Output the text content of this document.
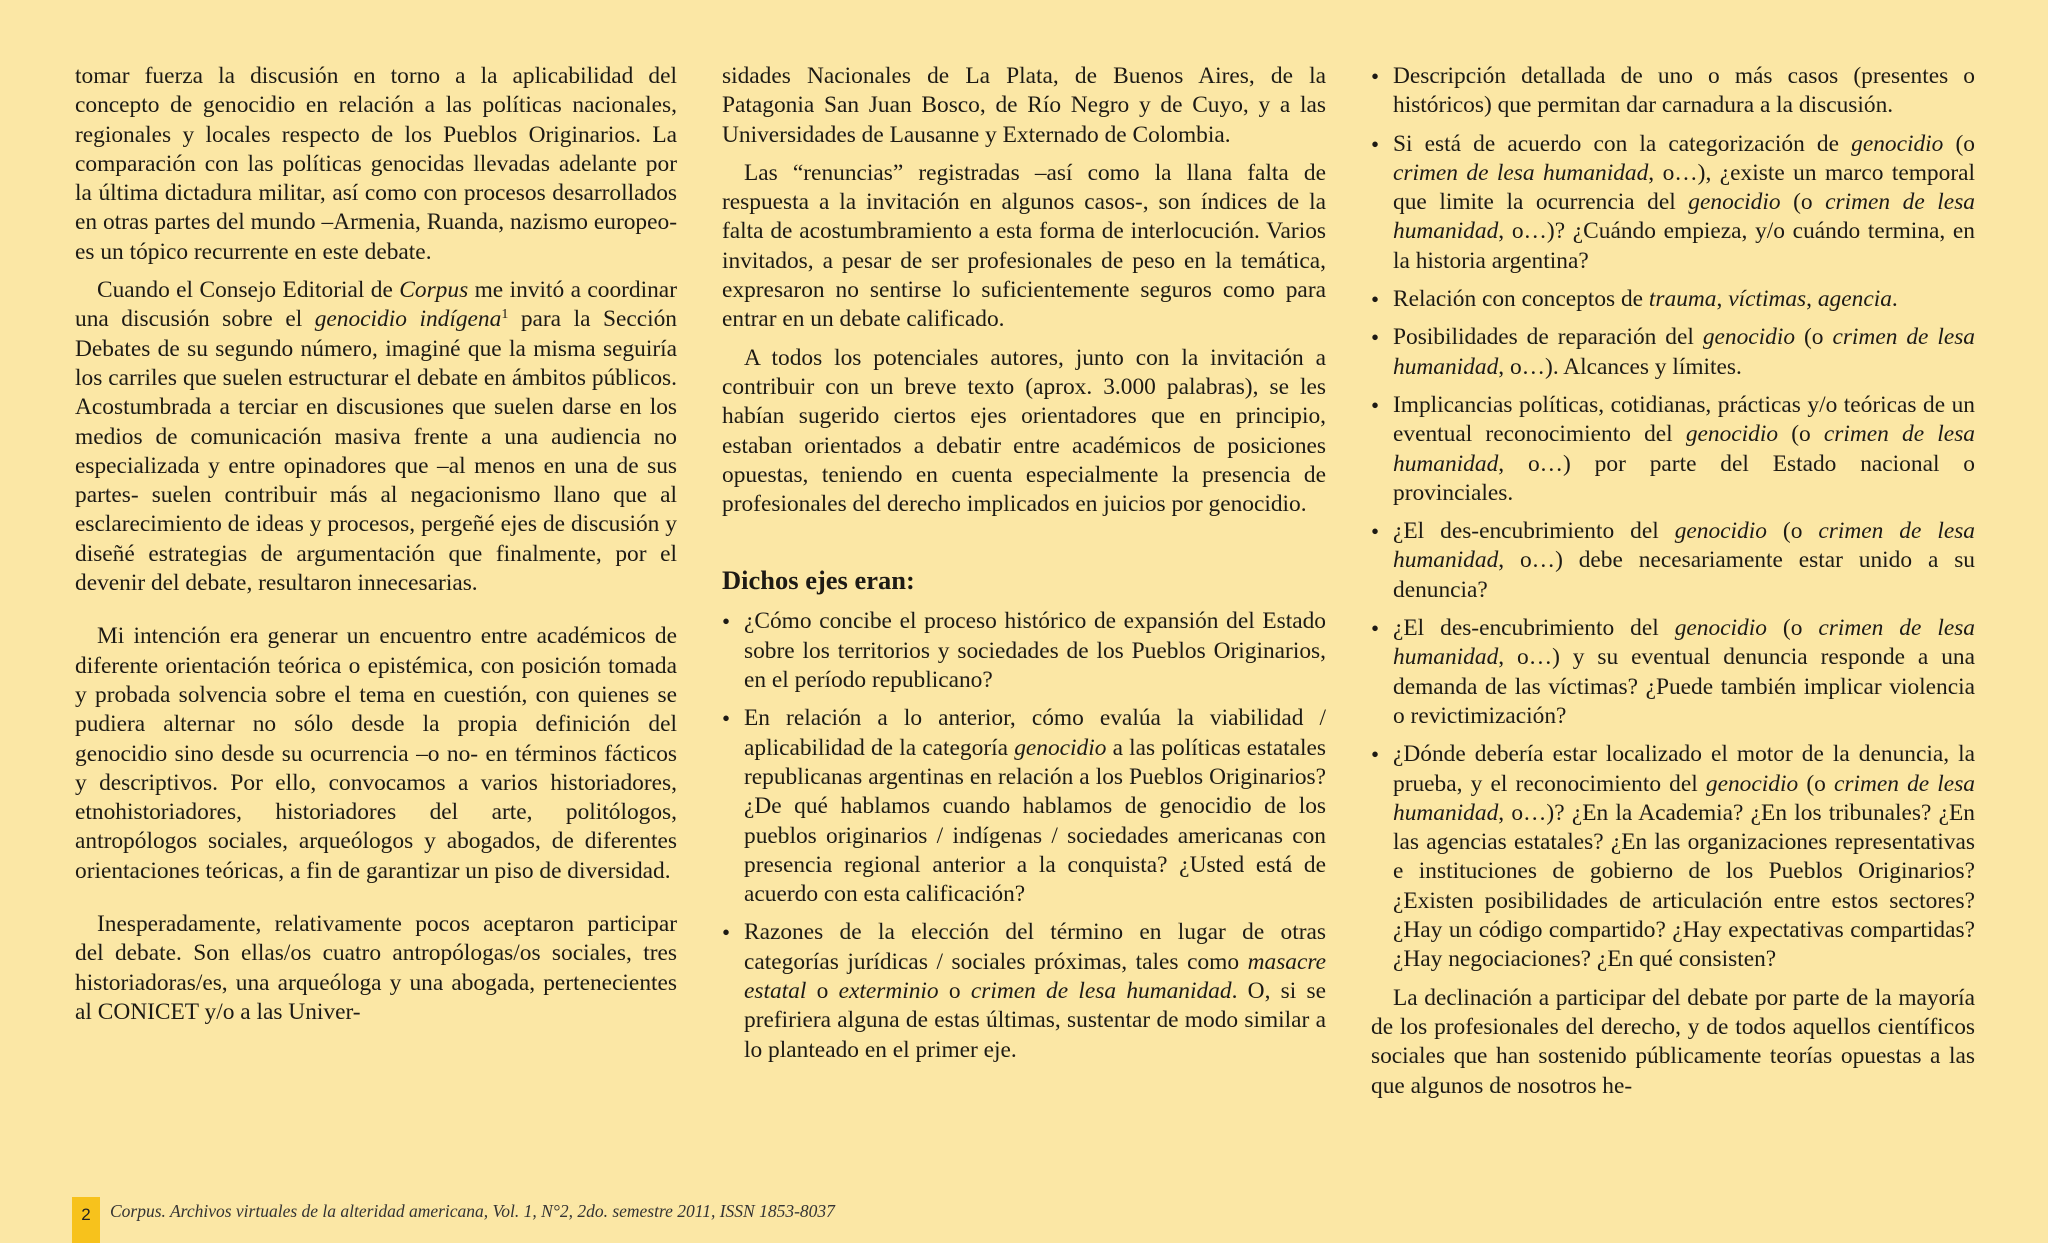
tomar fuerza la discusión en torno a la aplicabilidad del concepto de genocidio en relación a las políticas nacionales, regionales y locales respecto de los Pueblos Originarios. La comparación con las políticas genocidas llevadas adelante por la última dictadura militar, así como con procesos desarrollados en otras partes del mundo –Armenia, Ruanda, nazismo europeo- es un tópico recurrente en este debate.

Cuando el Consejo Editorial de Corpus me invitó a coordinar una discusión sobre el genocidio indígena$^1$ para la Sección Debates de su segundo número, imaginé que la misma seguiría los carriles que suelen estructurar el debate en ámbitos públicos. Acostumbrada a terciar en discusiones que suelen darse en los medios de comunicación masiva frente a una audiencia no especializada y entre opinadores que –al menos en una de sus partes- suelen contribuir más al negacionismo llano que al esclarecimiento de ideas y procesos, pergeñé ejes de discusión y diseñé estrategias de argumentación que finalmente, por el devenir del debate, resultaron innecesarias.

Mi intención era generar un encuentro entre académicos de diferente orientación teórica o epistémica, con posición tomada y probada solvencia sobre el tema en cuestión, con quienes se pudiera alternar no sólo desde la propia definición del genocidio sino desde su ocurrencia –o no- en términos fácticos y descriptivos. Por ello, convocamos a varios historiadores, etnohistoriadores, historiadores del arte, politólogos, antropólogos sociales, arqueólogos y abogados, de diferentes orientaciones teóricas, a fin de garantizar un piso de diversidad.

Inesperadamente, relativamente pocos aceptaron participar del debate. Son ellas/os cuatro antropólogas/os sociales, tres historiadoras/es, una arqueóloga y una abogada, pertenecientes al CONICET y/o a las Univer-

sidades Nacionales de La Plata, de Buenos Aires, de la Patagonia San Juan Bosco, de Río Negro y de Cuyo, y a las Universidades de Lausanne y Externado de Colombia.

Las “renuncias” registradas –así como la llana falta de respuesta a la invitación en algunos casos-, son índices de la falta de acostumbramiento a esta forma de interlocución. Varios invitados, a pesar de ser profesionales de peso en la temática, expresaron no sentirse lo suficientemente seguros como para entrar en un debate calificado.

A todos los potenciales autores, junto con la invitación a contribuir con un breve texto (aprox. 3.000 palabras), se les habían sugerido ciertos ejes orientadores que en principio, estaban orientados a debatir entre académicos de posiciones opuestas, teniendo en cuenta especialmente la presencia de profesionales del derecho implicados en juicios por genocidio.

Dichos ejes eran:
• ¿Cómo concibe el proceso histórico de expansión del Estado sobre los territorios y sociedades de los Pueblos Originarios, en el período republicano?
• En relación a lo anterior, cómo evalúa la viabilidad / aplicabilidad de la categoría genocidio a las políticas estatales republicanas argentinas en relación a los Pueblos Originarios? ¿De qué hablamos cuando hablamos de genocidio de los pueblos originarios / indígenas / sociedades americanas con presencia regional anterior a la conquista? ¿Usted está de acuerdo con esta calificación?
• Razones de la elección del término en lugar de otras categorías jurídicas / sociales próximas, tales como masacre estatal o exterminio o crimen de lesa humanidad. O, si se prefiriera alguna de estas últimas, sustentar de modo similar a lo planteado en el primer eje.
• Descripción detallada de uno o más casos (presentes o históricos) que permitan dar carnadura a la discusión.
• Si está de acuerdo con la categorización de genocidio (o crimen de lesa humanidad, o…), ¿existe un marco temporal que limite la ocurrencia del genocidio (o crimen de lesa humanidad, o…)? ¿Cuándo empieza, y/o cuándo termina, en la historia argentina?
• Relación con conceptos de trauma, víctimas, agencia.
• Posibilidades de reparación del genocidio (o crimen de lesa humanidad, o…). Alcances y límites.
• Implicancias políticas, cotidianas, prácticas y/o teóricas de un eventual reconocimiento del genocidio (o crimen de lesa humanidad, o…) por parte del Estado nacional o provinciales.
• ¿El des-encubrimiento del genocidio (o crimen de lesa humanidad, o…) debe necesariamente estar unido a su denuncia?
• ¿El des-encubrimiento del genocidio (o crimen de lesa humanidad, o…) y su eventual denuncia responde a una demanda de las víctimas? ¿Puede también implicar violencia o revictimización?
• ¿Dónde debería estar localizado el motor de la denuncia, la prueba, y el reconocimiento del genocidio (o crimen de lesa humanidad, o…)? ¿En la Academia? ¿En los tribunales? ¿En las agencias estatales? ¿En las organizaciones representativas e instituciones de gobierno de los Pueblos Originarios? ¿Existen posibilidades de articulación entre estos sectores? ¿Hay un código compartido? ¿Hay expectativas compartidas? ¿Hay negociaciones? ¿En qué consisten?

La declinación a participar del debate por parte de la mayoría de los profesionales del derecho, y de todos aquellos científicos sociales que han sostenido públicamente teorías opuestas a las que algunos de nosotros he-

2	Corpus. Archivos virtuales de la alteridad americana, Vol. 1, N°2, 2do. semestre 2011, ISSN 1853-8037
